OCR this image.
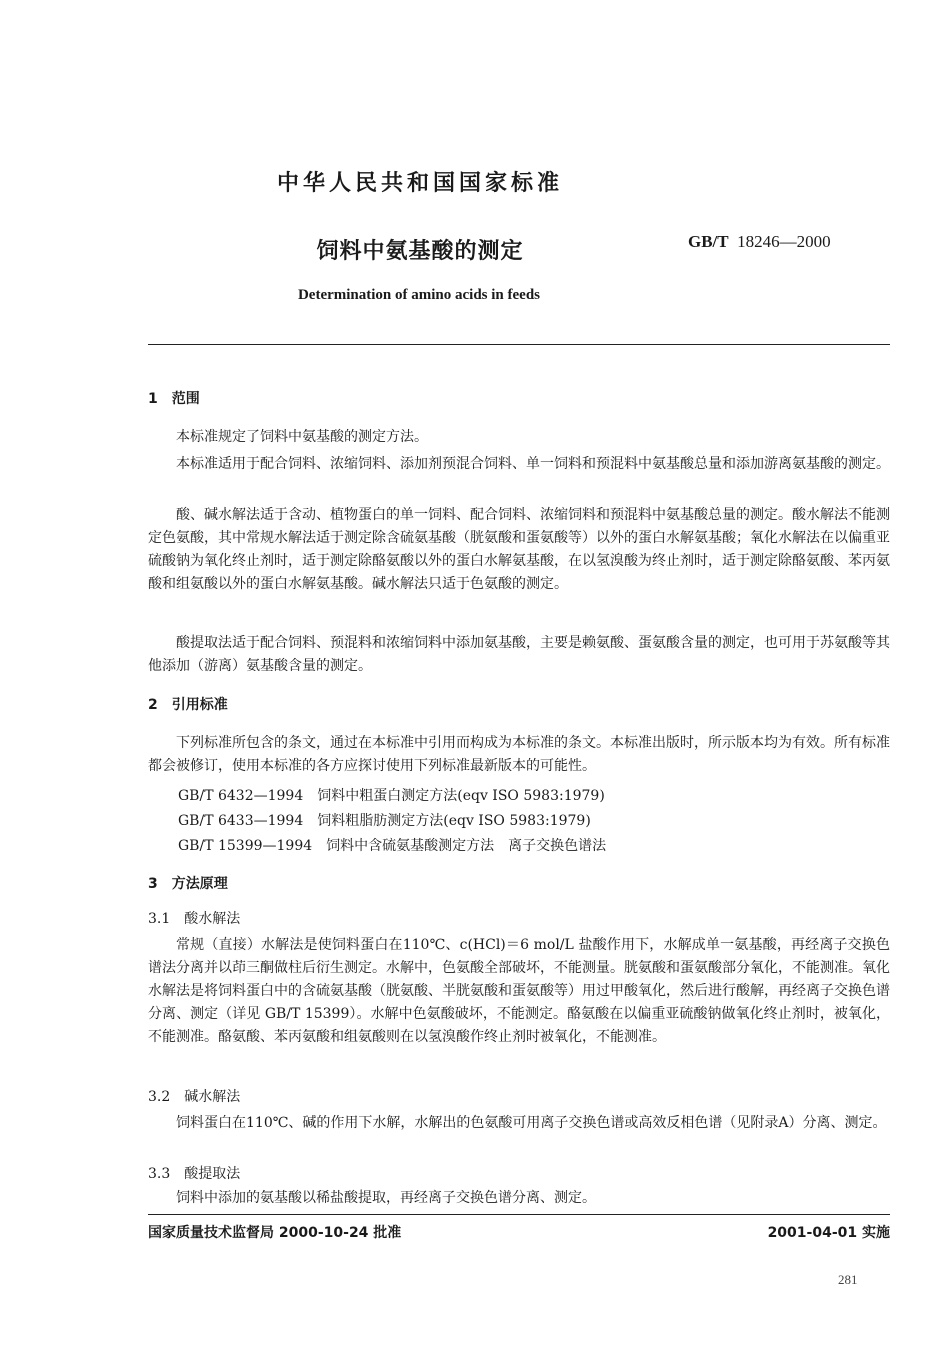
中华人民共和国国家标准
GB/T 18246—2000
饲料中氨基酸的测定
Determination of amino acids in feeds
1　范围

本标准规定了饲料中氨基酸的测定方法。

本标准适用于配合饲料、浓缩饲料、添加剂预混合饲料、单一饲料和预混料中氨基酸总量和添加游离氨基酸的测定。

酸、碱水解法适于含动、植物蛋白的单一饲料、配合饲料、浓缩饲料和预混料中氨基酸总量的测定。酸水解法不能测定色氨酸，其中常规水解法适于测定除含硫氨基酸（胱氨酸和蛋氨酸等）以外的蛋白水解氨基酸；氧化水解法在以偏重亚硫酸钠为氧化终止剂时，适于测定除酪氨酸以外的蛋白水解氨基酸，在以氢溴酸为终止剂时，适于测定除酪氨酸、苯丙氨酸和组氨酸以外的蛋白水解氨基酸。碱水解法只适于色氨酸的测定。

酸提取法适于配合饲料、预混料和浓缩饲料中添加氨基酸，主要是赖氨酸、蛋氨酸含量的测定，也可用于苏氨酸等其他添加（游离）氨基酸含量的测定。

2　引用标准

下列标准所包含的条文，通过在本标准中引用而构成为本标准的条文。本标准出版时，所示版本均为有效。所有标准都会被修订，使用本标准的各方应探讨使用下列标准最新版本的可能性。

GB/T 6432—1994　饲料中粗蛋白测定方法(eqv ISO 5983:1979)
GB/T 6433—1994　饲料粗脂肪测定方法(eqv ISO 5983:1979)
GB/T 15399—1994　饲料中含硫氨基酸测定方法　离子交换色谱法
3　方法原理
3.1　酸水解法

常规（直接）水解法是使饲料蛋白在110℃、c(HCl)＝6 mol/L 盐酸作用下，水解成单一氨基酸，再经离子交换色谱法分离并以茚三酮做柱后衍生测定。水解中，色氨酸全部破坏，不能测量。胱氨酸和蛋氨酸部分氧化，不能测准。氧化水解法是将饲料蛋白中的含硫氨基酸（胱氨酸、半胱氨酸和蛋氨酸等）用过甲酸氧化，然后进行酸解，再经离子交换色谱分离、测定（详见 GB/T 15399）。水解中色氨酸破坏，不能测定。酪氨酸在以偏重亚硫酸钠做氧化终止剂时，被氧化，不能测准。酪氨酸、苯丙氨酸和组氨酸则在以氢溴酸作终止剂时被氧化，不能测准。

3.2　碱水解法

饲料蛋白在110℃、碱的作用下水解，水解出的色氨酸可用离子交换色谱或高效反相色谱（见附录A）分离、测定。

3.3　酸提取法

饲料中添加的氨基酸以稀盐酸提取，再经离子交换色谱分离、测定。

国家质量技术监督局 2000-10-24 批准	2001-04-01 实施
281
